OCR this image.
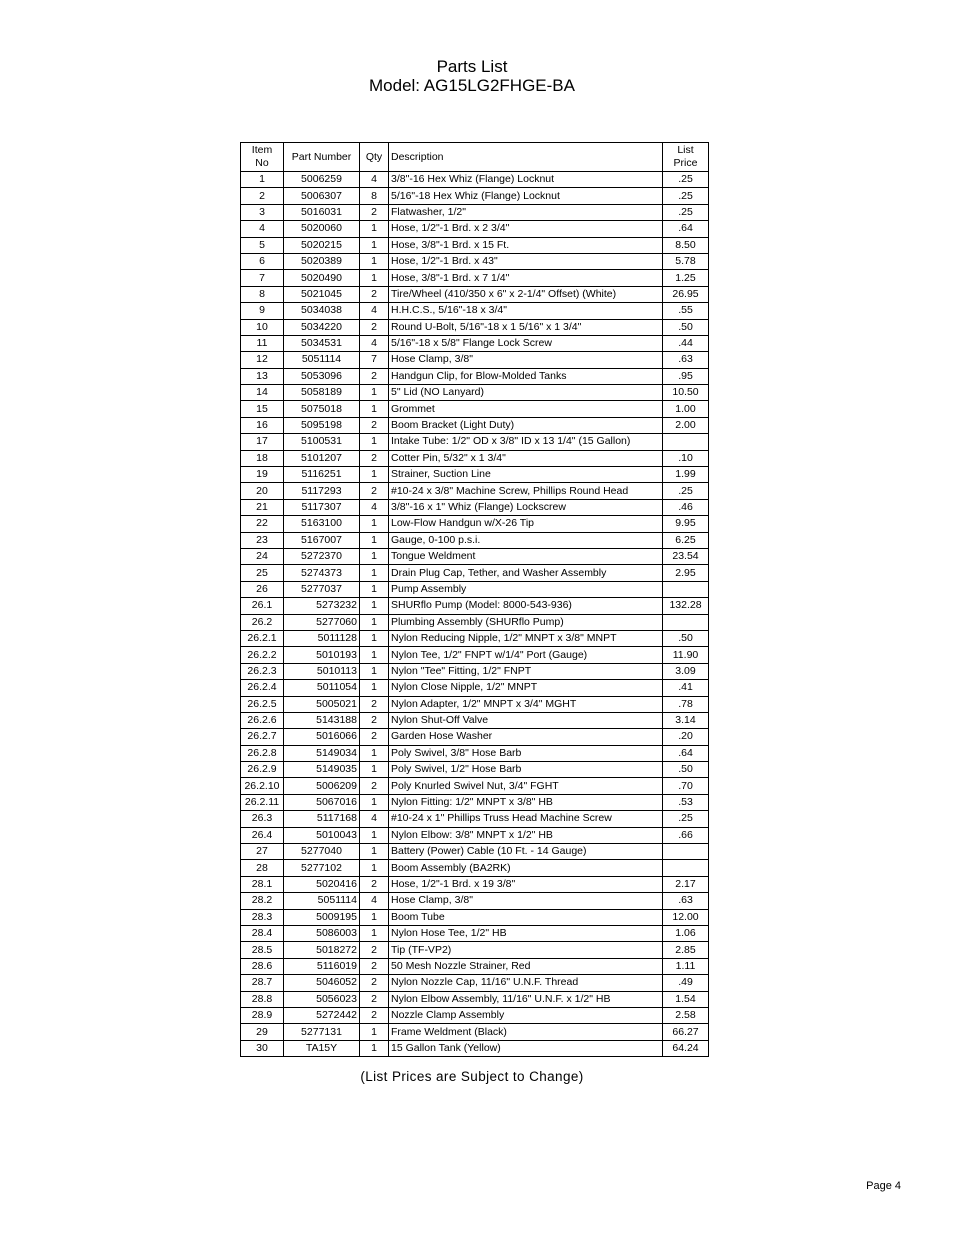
Parts List
Model: AG15LG2FHGE-BA
Item
No	Part Number	Qty	Description	List
Price
1	5006259	4	3/8"-16 Hex Whiz (Flange) Locknut	.25
2	5006307	8	5/16"-18 Hex Whiz (Flange) Locknut	.25
3	5016031	2	Flatwasher, 1/2"	.25
4	5020060	1	Hose, 1/2"-1 Brd. x 2 3/4"	.64
5	5020215	1	Hose, 3/8"-1 Brd. x 15 Ft.	8.50
6	5020389	1	Hose, 1/2"-1 Brd. x 43"	5.78
7	5020490	1	Hose, 3/8"-1 Brd. x 7 1/4"	1.25
8	5021045	2	Tire/Wheel (410/350 x 6" x 2-1/4" Offset) (White)	26.95
9	5034038	4	H.H.C.S., 5/16"-18 x 3/4"	.55
10	5034220	2	Round U-Bolt, 5/16"-18 x 1 5/16" x 1 3/4"	.50
11	5034531	4	5/16"-18 x 5/8" Flange Lock Screw	.44
12	5051114	7	Hose Clamp, 3/8"	.63
13	5053096	2	Handgun Clip, for Blow-Molded Tanks	.95
14	5058189	1	5" Lid (NO Lanyard)	10.50
15	5075018	1	Grommet	1.00
16	5095198	2	Boom Bracket (Light Duty)	2.00
17	5100531	1	Intake Tube: 1/2" OD x 3/8" ID x 13 1/4" (15 Gallon)	
18	5101207	2	Cotter Pin, 5/32" x 1 3/4"	.10
19	5116251	1	Strainer, Suction Line	1.99
20	5117293	2	#10-24 x 3/8" Machine Screw, Phillips Round Head	.25
21	5117307	4	3/8"-16 x 1" Whiz (Flange) Lockscrew	.46
22	5163100	1	Low-Flow Handgun w/X-26 Tip	9.95
23	5167007	1	Gauge, 0-100 p.s.i.	6.25
24	5272370	1	Tongue Weldment	23.54
25	5274373	1	Drain Plug Cap, Tether, and Washer Assembly	2.95
26	5277037	1	Pump Assembly	
26.1	5273232	1	SHURflo Pump (Model: 8000-543-936)	132.28
26.2	5277060	1	Plumbing Assembly (SHURflo Pump)	
26.2.1	5011128	1	Nylon Reducing Nipple, 1/2" MNPT x 3/8" MNPT	.50
26.2.2	5010193	1	Nylon Tee, 1/2" FNPT w/1/4" Port (Gauge)	11.90
26.2.3	5010113	1	Nylon "Tee" Fitting, 1/2" FNPT	3.09
26.2.4	5011054	1	Nylon Close Nipple, 1/2" MNPT	.41
26.2.5	5005021	2	Nylon Adapter, 1/2" MNPT x 3/4" MGHT	.78
26.2.6	5143188	2	Nylon Shut-Off Valve	3.14
26.2.7	5016066	2	Garden Hose Washer	.20
26.2.8	5149034	1	Poly Swivel, 3/8" Hose Barb	.64
26.2.9	5149035	1	Poly Swivel, 1/2" Hose Barb	.50
26.2.10	5006209	2	Poly Knurled Swivel Nut, 3/4" FGHT	.70
26.2.11	5067016	1	Nylon Fitting: 1/2" MNPT x 3/8" HB	.53
26.3	5117168	4	#10-24 x 1" Phillips Truss Head Machine Screw	.25
26.4	5010043	1	Nylon Elbow: 3/8" MNPT x 1/2" HB	.66
27	5277040	1	Battery (Power) Cable (10 Ft. - 14 Gauge)	
28	5277102	1	Boom Assembly (BA2RK)	
28.1	5020416	2	Hose, 1/2"-1 Brd. x 19 3/8"	2.17
28.2	5051114	4	Hose Clamp, 3/8"	.63
28.3	5009195	1	Boom Tube	12.00
28.4	5086003	1	Nylon Hose Tee, 1/2" HB	1.06
28.5	5018272	2	Tip (TF-VP2)	2.85
28.6	5116019	2	50 Mesh Nozzle Strainer, Red	1.11
28.7	5046052	2	Nylon Nozzle Cap, 11/16" U.N.F. Thread	.49
28.8	5056023	2	Nylon Elbow Assembly, 11/16" U.N.F. x 1/2" HB	1.54
28.9	5272442	2	Nozzle Clamp Assembly	2.58
29	5277131	1	Frame Weldment (Black)	66.27
30	TA15Y	1	15 Gallon Tank (Yellow)	64.24
(List Prices are Subject to Change)
Page 4
